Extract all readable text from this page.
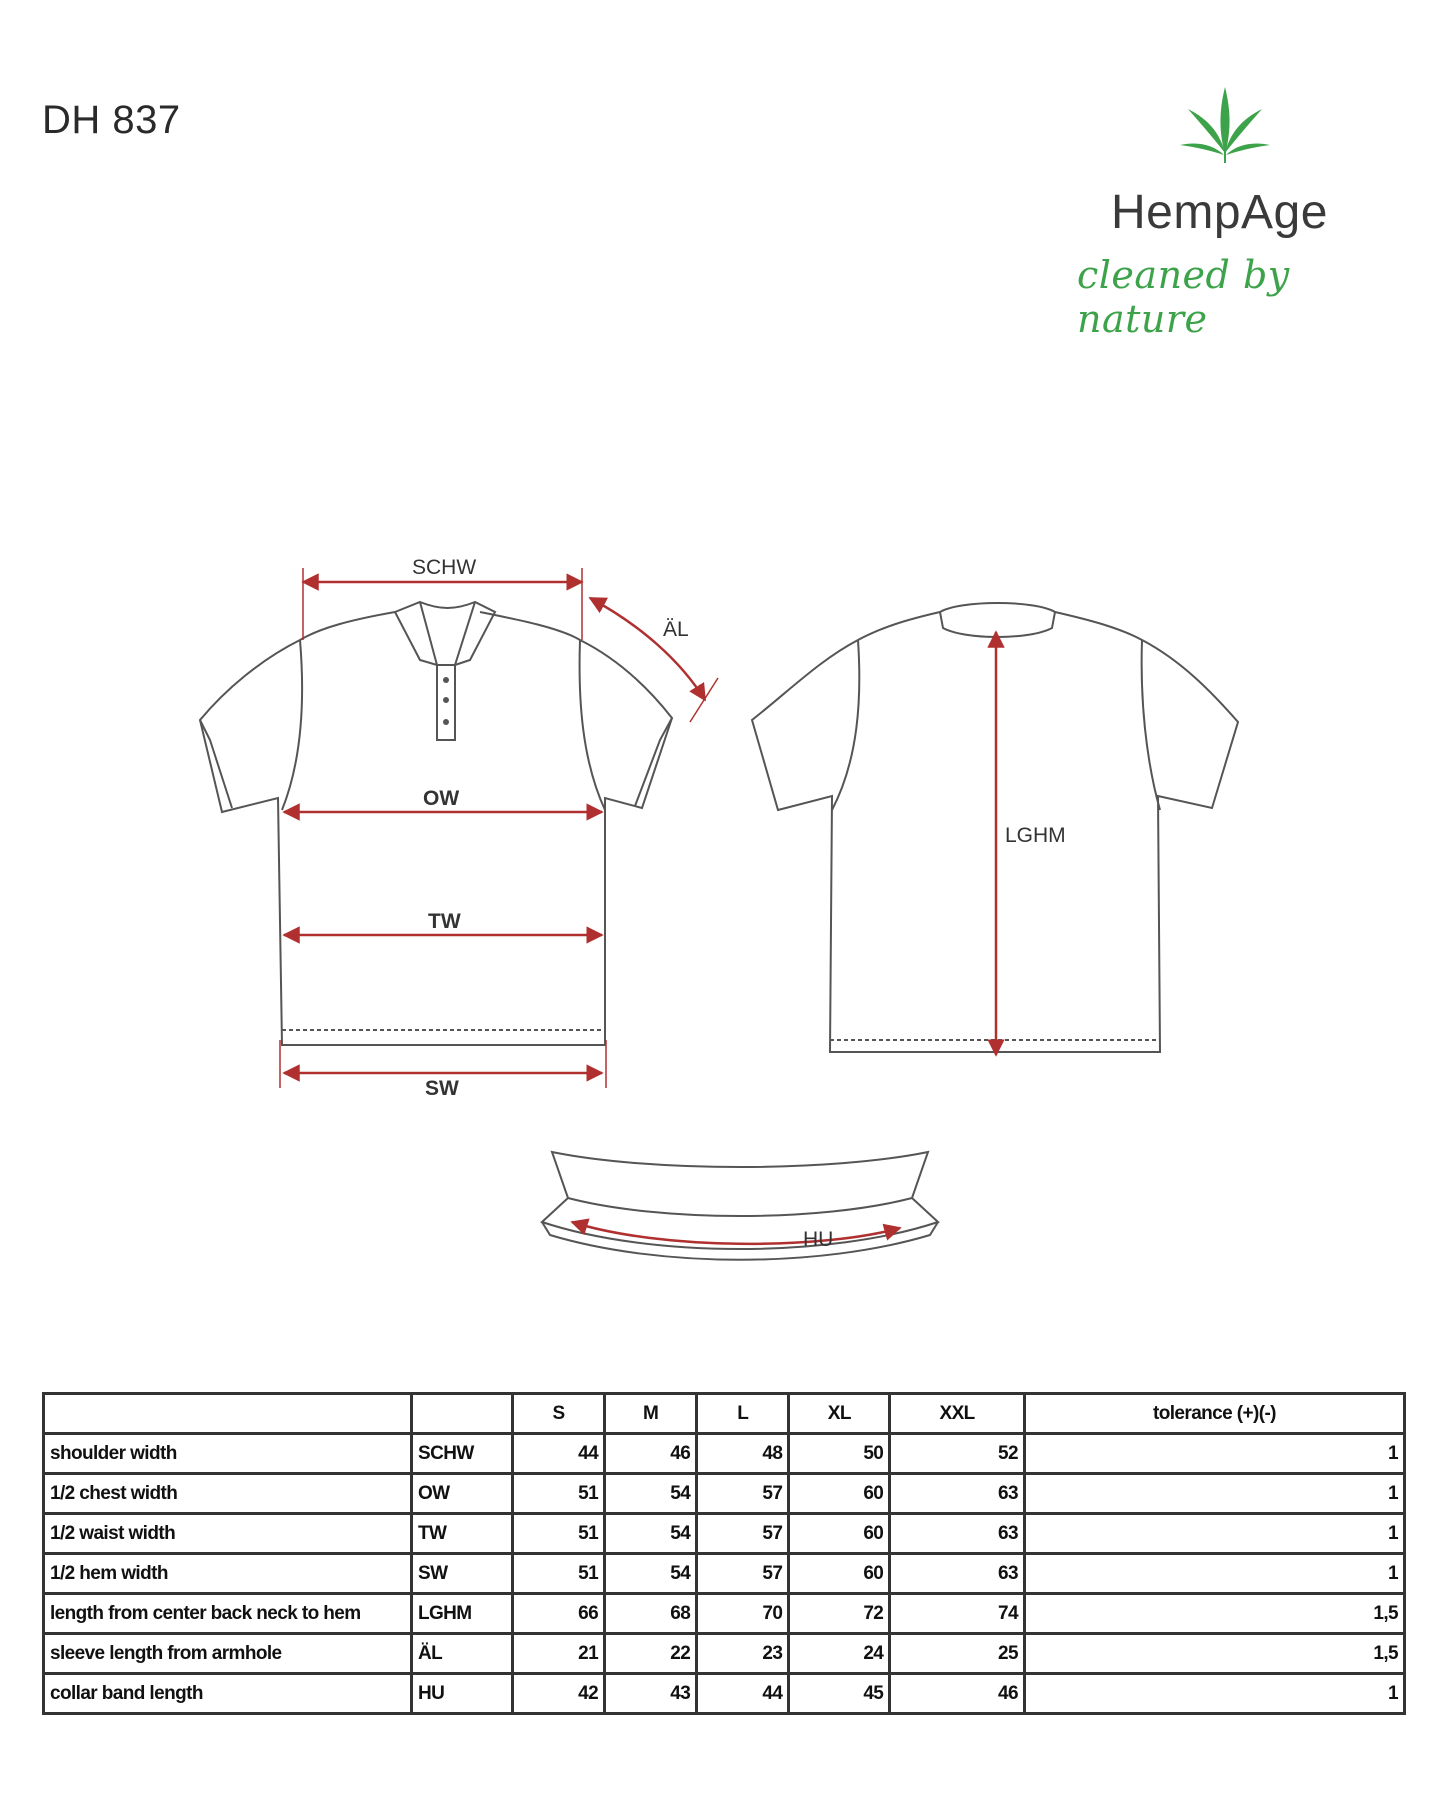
DH 837
HempAge
cleaned by nature
SCHW
ÄL
OW
TW
SW
LGHM
HU
		S	M	L	XL	XXL	tolerance (+)(-)
shoulder width	SCHW	44	46	48	50	52	1
1/2 chest width	OW	51	54	57	60	63	1
1/2 waist width	TW	51	54	57	60	63	1
1/2 hem width	SW	51	54	57	60	63	1
length from center back neck to hem	LGHM	66	68	70	72	74	1,5
sleeve length from armhole	ÄL	21	22	23	24	25	1,5
collar band length	HU	42	43	44	45	46	1
